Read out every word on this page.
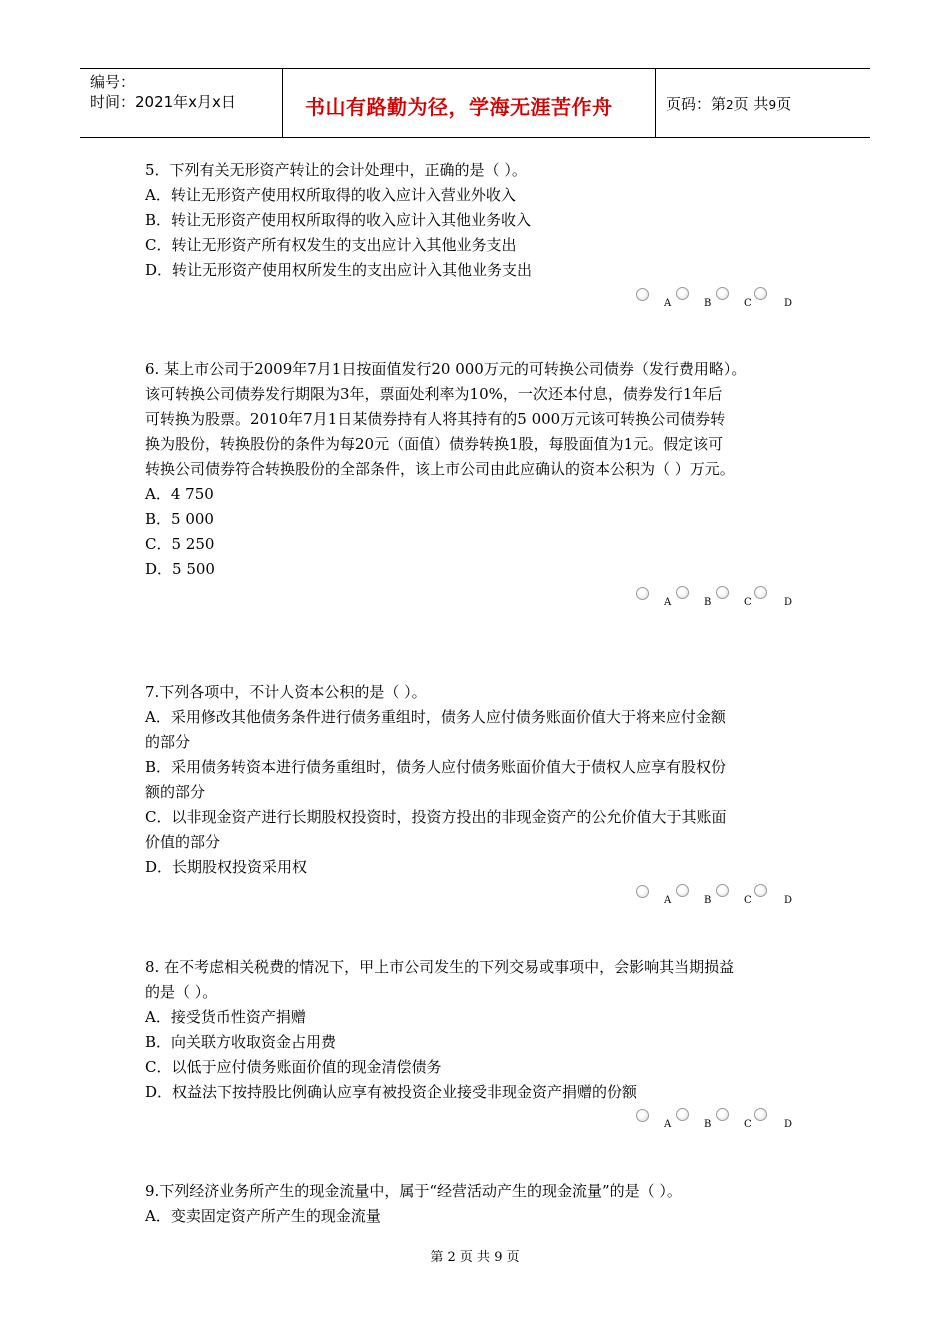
编号：
时间：2021年x月x日	书山有路勤为径，学海无涯苦作舟	页码：第2页 共9页
5．下列有关无形资产转让的会计处理中，正确的是（ ）。
A．转让无形资产使用权所取得的收入应计入营业外收入
B．转让无形资产使用权所取得的收入应计入其他业务收入
C．转让无形资产所有权发生的支出应计入其他业务支出
D．转让无形资产使用权所发生的支出应计入其他业务支出
A	B	C	D
6. 某上市公司于2009年7月1日按面值发行20 000万元的可转换公司债券（发行费用略）。
该可转换公司债券发行期限为3年，票面处利率为10%，一次还本付息，债券发行1年后
可转换为股票。2010年7月1日某债券持有人将其持有的5 000万元该可转换公司债券转
换为股份，转换股份的条件为每20元（面值）债券转换1股，每股面值为1元。假定该可
转换公司债券符合转换股份的全部条件，该上市公司由此应确认的资本公积为（ ）万元。
A．4 750
B．5 000
C．5 250
D．5 500
A	B	C	D
7.下列各项中，不计人资本公积的是（ ）。
A．采用修改其他债务条件进行债务重组时，债务人应付债务账面价值大于将来应付金额
的部分
B．采用债务转资本进行债务重组时，债务人应付债务账面价值大于债权人应享有股权份
额的部分
C．以非现金资产进行长期股权投资时，投资方投出的非现金资产的公允价值大于其账面
价值的部分
D．长期股权投资采用权
A	B	C	D
8. 在不考虑相关税费的情况下，甲上市公司发生的下列交易或事项中，会影响其当期损益
的是（ ）。
A．接受货币性资产捐赠
B．向关联方收取资金占用费
C．以低于应付债务账面价值的现金清偿债务
D．权益法下按持股比例确认应享有被投资企业接受非现金资产捐赠的份额
A	B	C	D
9.下列经济业务所产生的现金流量中，属于“经营活动产生的现金流量”的是（ ）。
A．变卖固定资产所产生的现金流量
第 2 页 共 9 页
